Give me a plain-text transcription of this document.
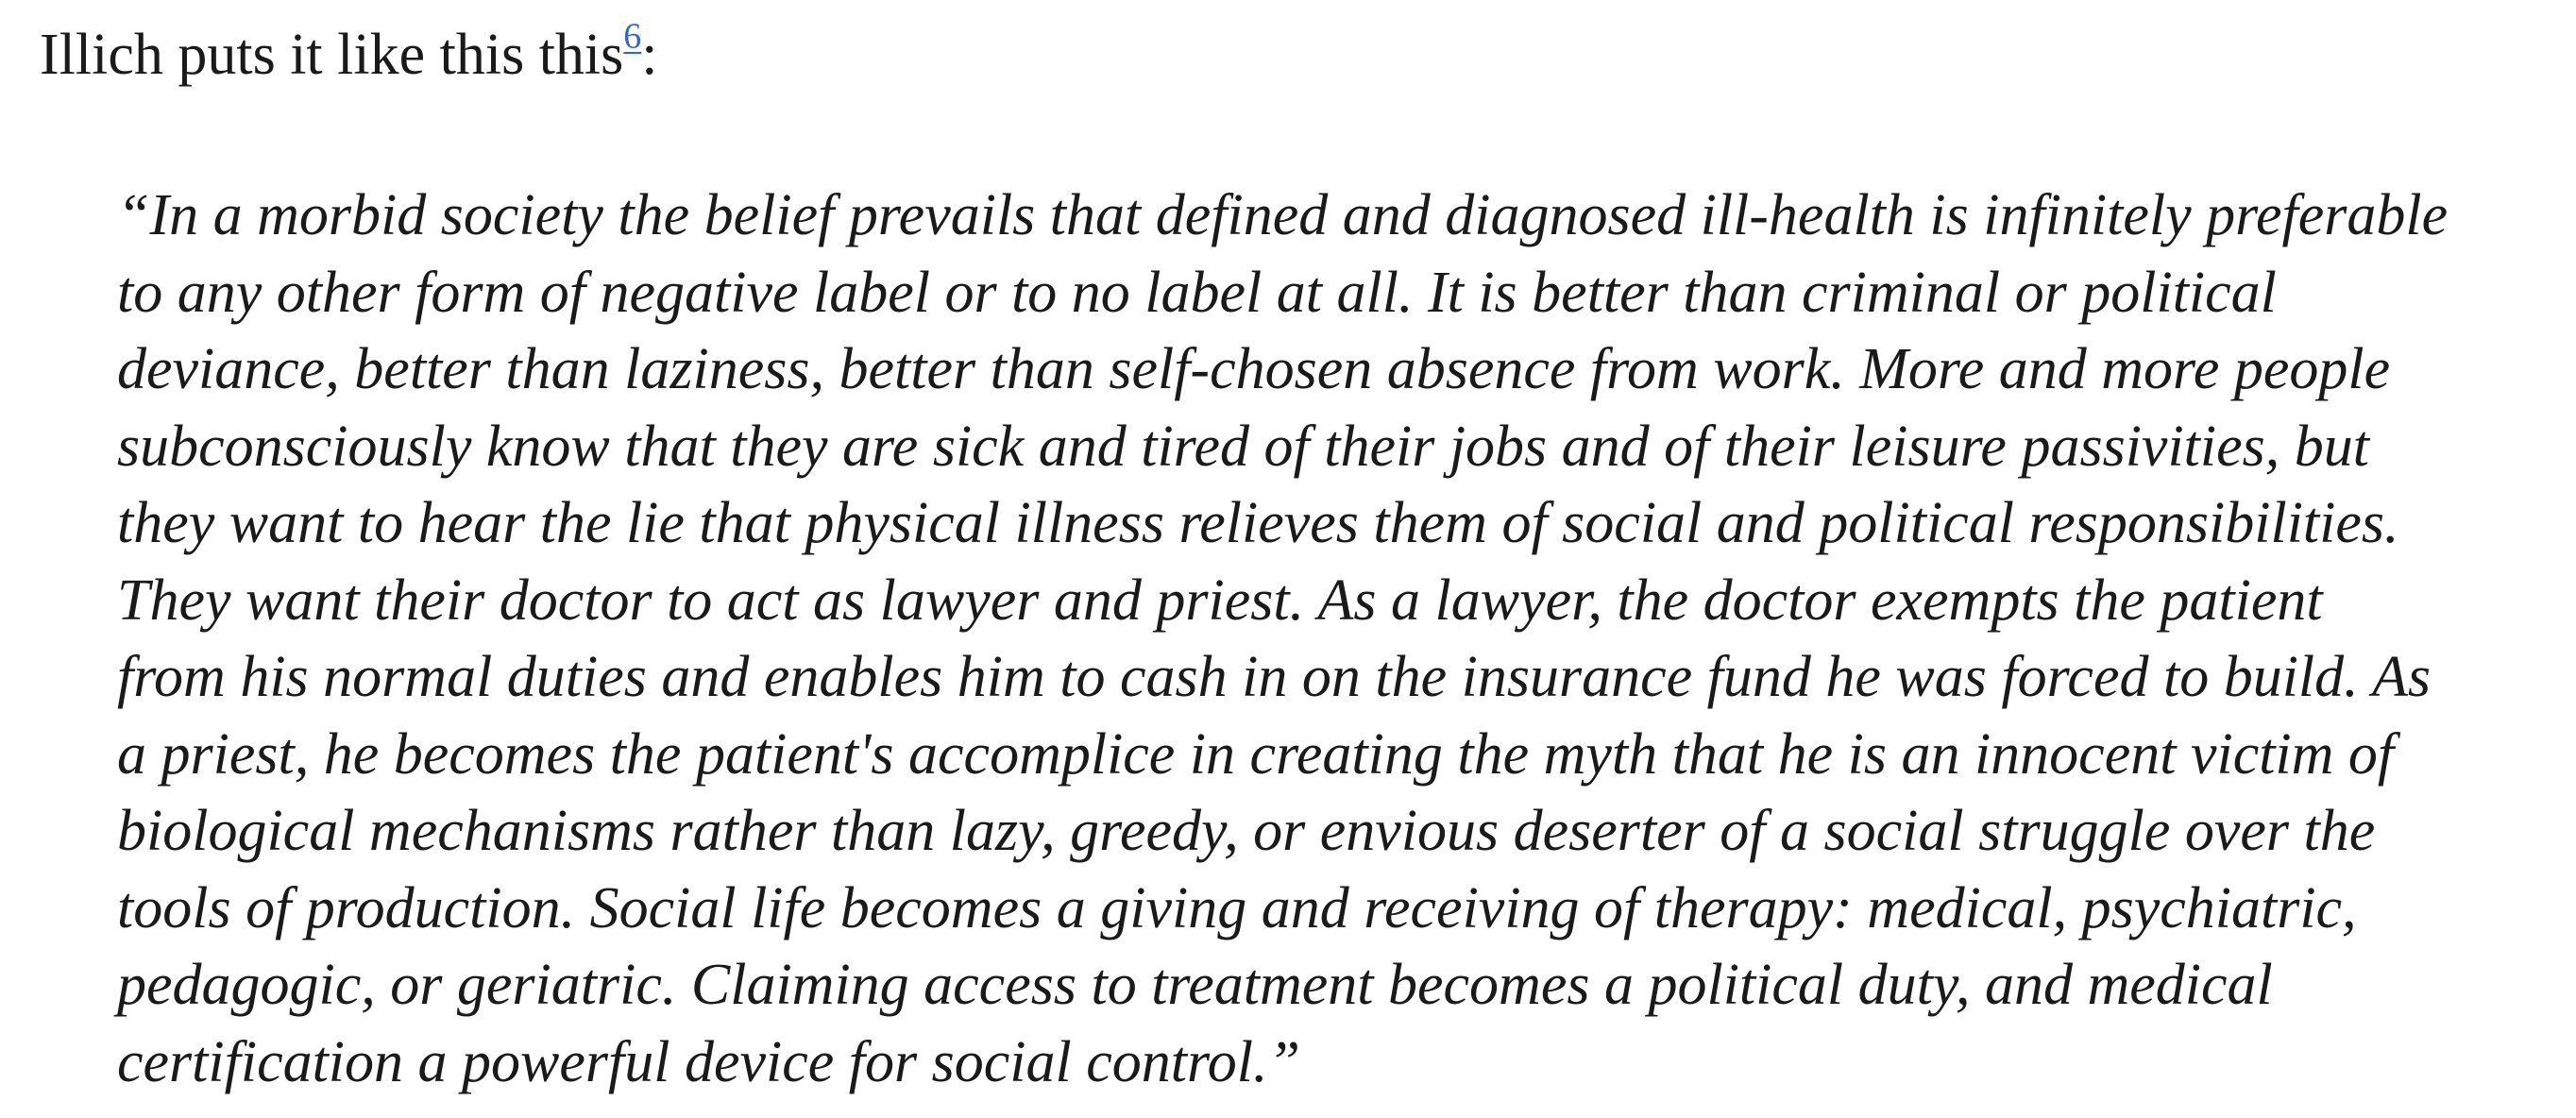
Illich puts it like this this$^6$:

“In a morbid society the belief prevails that defined and diagnosed ill-health is infinitely preferable
to any other form of negative label or to no label at all. It is better than criminal or political
deviance, better than laziness, better than self-chosen absence from work. More and more people
subconsciously know that they are sick and tired of their jobs and of their leisure passivities, but
they want to hear the lie that physical illness relieves them of social and political responsibilities.
They want their doctor to act as lawyer and priest. As a lawyer, the doctor exempts the patient
from his normal duties and enables him to cash in on the insurance fund he was forced to build. As
a priest, he becomes the patient's accomplice in creating the myth that he is an innocent victim of
biological mechanisms rather than lazy, greedy, or envious deserter of a social struggle over the
tools of production. Social life becomes a giving and receiving of therapy: medical, psychiatric,
pedagogic, or geriatric. Claiming access to treatment becomes a political duty, and medical
certification a powerful device for social control.”
